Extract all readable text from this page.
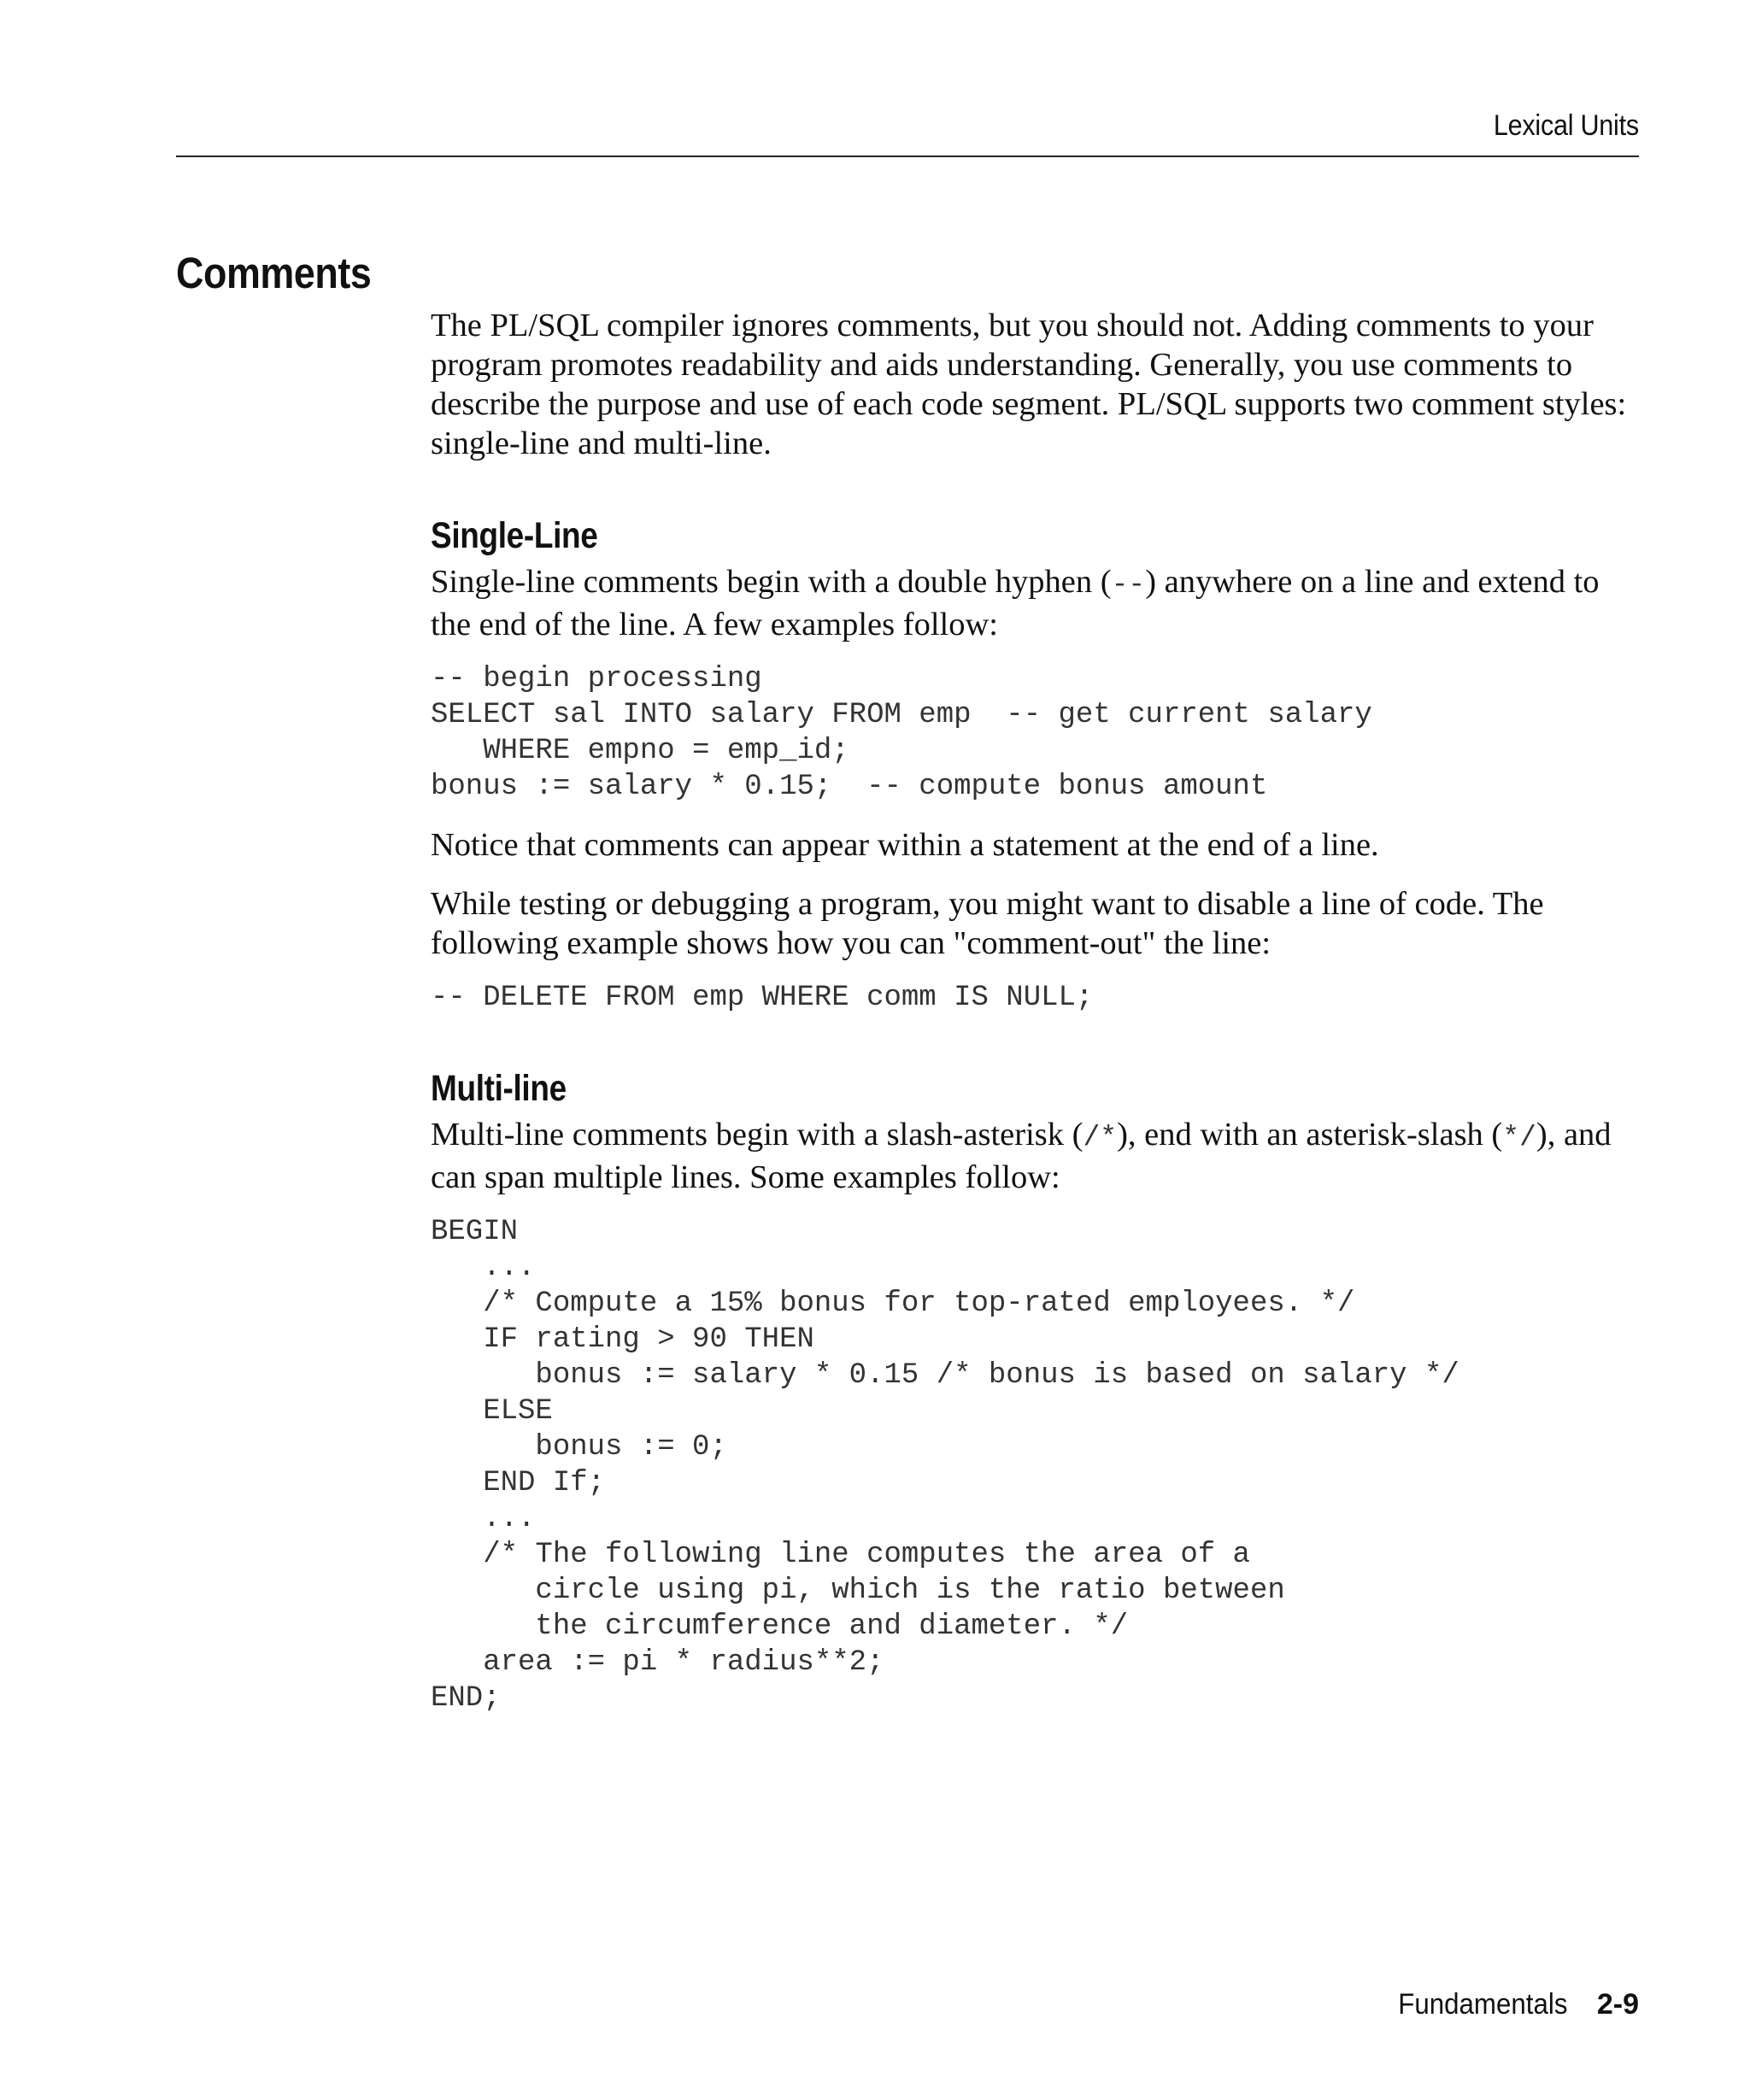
Lexical Units
Comments

The PL/SQL compiler ignores comments, but you should not. Adding comments to your program promotes readability and aids understanding. Generally, you use comments to describe the purpose and use of each code segment. PL/SQL supports two comment styles: single-line and multi-line.

Single-Line

Single-line comments begin with a double hyphen (--) anywhere on a line and extend to the end of the line. A few examples follow:

-- begin processing
SELECT sal INTO salary FROM emp  -- get current salary
WHERE empno = emp_id;
bonus := salary * 0.15;  -- compute bonus amount

Notice that comments can appear within a statement at the end of a line.

While testing or debugging a program, you might want to disable a line of code. The following example shows how you can "comment-out" the line:

-- DELETE FROM emp WHERE comm IS NULL;
Multi-line

Multi-line comments begin with a slash-asterisk (/*), end with an asterisk-slash (*/), and can span multiple lines. Some examples follow:

BEGIN
...
/* Compute a 15% bonus for top-rated employees. */
IF rating > 90 THEN
bonus := salary * 0.15 /* bonus is based on salary */
ELSE
bonus := 0;
END If;
...
/* The following line computes the area of a
circle using pi, which is the ratio between
the circumference and diameter. */
area := pi * radius**2;
END;
Fundamentals 2-9
